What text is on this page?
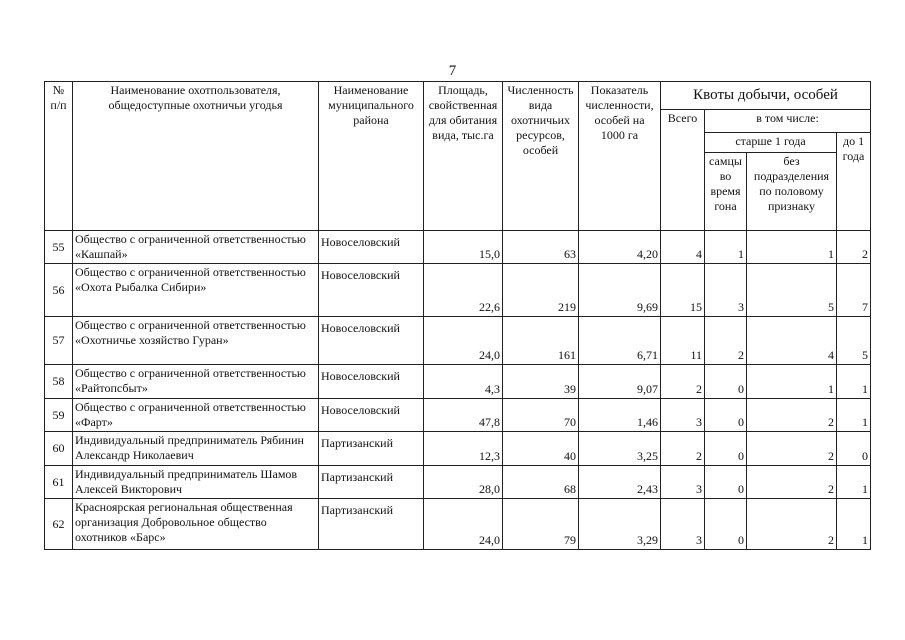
7
№ п/п	Наименование охотпользователя, общедоступные охотничьи угодья	Наименование муниципального района	Площадь, свойственная для обитания вида, тыс.га	Численность вида охотничьих ресурсов, особей	Показатель численности, особей на 1000 га	Квоты добычи, особей			
						Всего	в том числе:		
							старше 1 года		до 1 года
							самцы во время гона	без подразделения по половому признаку	
55	Общество с ограниченной ответственностью «Кашпай»	Новоселовский	15,0	63	4,20	4	1	1	2
56	Общество с ограниченной ответственностью «Охота Рыбалка Сибири»	Новоселовский	22,6	219	9,69	15	3	5	7
57	Общество с ограниченной ответственностью «Охотничье хозяйство Гуран»	Новоселовский	24,0	161	6,71	11	2	4	5
58	Общество с ограниченной ответственностью «Райтопсбыт»	Новоселовский	4,3	39	9,07	2	0	1	1
59	Общество с ограниченной ответственностью «Фарт»	Новоселовский	47,8	70	1,46	3	0	2	1
60	Индивидуальный предприниматель Рябинин Александр Николаевич	Партизанский	12,3	40	3,25	2	0	2	0
61	Индивидуальный предприниматель Шамов Алексей Викторович	Партизанский	28,0	68	2,43	3	0	2	1
62	Красноярская региональная общественная организация Добровольное общество охотников «Барс»	Партизанский	24,0	79	3,29	3	0	2	1
